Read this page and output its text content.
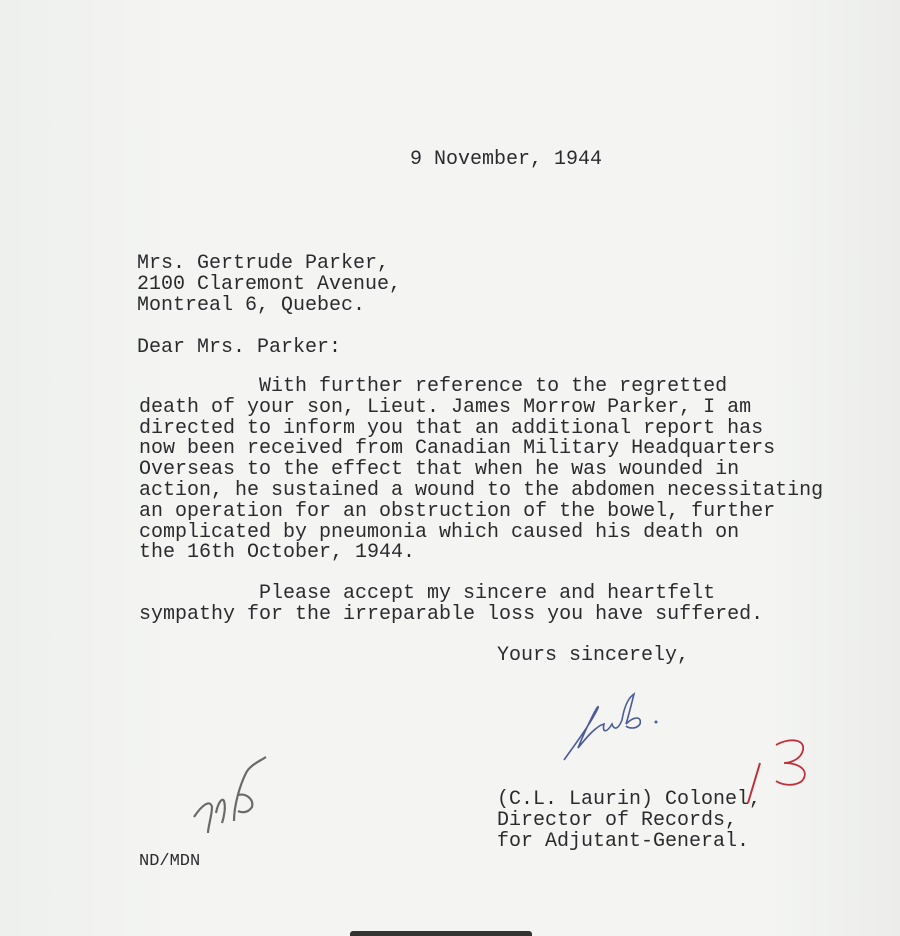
9 November, 1944
Mrs. Gertrude Parker,
2100 Claremont Avenue,
Montreal 6, Quebec.
Dear Mrs. Parker:
With further reference to the regretted
death of your son, Lieut. James Morrow Parker, I am
directed to inform you that an additional report has
now been received from Canadian Military Headquarters
Overseas to the effect that when he was wounded in
action, he sustained a wound to the abdomen necessitating
an operation for an obstruction of the bowel, further
complicated by pneumonia which caused his death on
the 16th October, 1944.
Please accept my sincere and heartfelt
sympathy for the irreparable loss you have suffered.
Yours sincerely,
(C.L. Laurin) Colonel,
Director of Records,
for Adjutant-General.
ND/MDN
